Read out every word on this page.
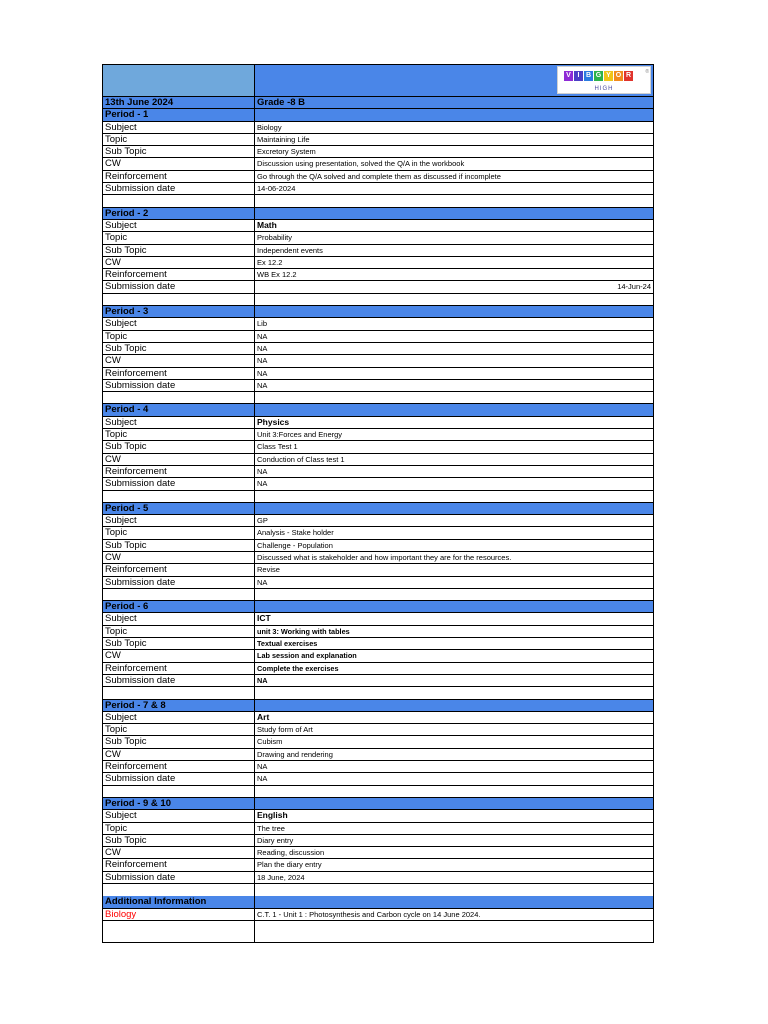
V I B G Y O R
HIGH
®
13th June 2024	Grade -8 B
Period - 1
Subject	Biology
Topic	Maintaining Life
Sub Topic	Excretory System
CW	Discussion using presentation, solved the Q/A in the workbook
Reinforcement	Go through the Q/A solved and complete them as discussed if incomplete
Submission date	14-06-2024
Period - 2
Subject	Math
Topic	Probability
Sub Topic	Independent events
CW	Ex 12.2
Reinforcement	WB Ex 12.2
Submission date	14-Jun-24
Period - 3
Subject	Lib
Topic	NA
Sub Topic	NA
CW	NA
Reinforcement	NA
Submission date	NA
Period - 4
Subject	Physics
Topic	Unit 3:Forces and Energy
Sub Topic	Class Test 1
CW	Conduction of Class test 1
Reinforcement	NA
Submission date	NA
Period - 5
Subject	GP
Topic	Analysis - Stake holder
Sub Topic	Challenge - Population
CW	Discussed what is stakeholder and how important they are for the resources.
Reinforcement	Revise
Submission date	NA
Period - 6
Subject	ICT
Topic	unit 3: Working with tables
Sub Topic	Textual exercises
CW	Lab session and explanation
Reinforcement	Complete the exercises
Submission date	NA
Period - 7 & 8
Subject	Art
Topic	Study form of Art
Sub Topic	Cubism
CW	Drawing and rendering
Reinforcement	NA
Submission date	NA
Period - 9 & 10
Subject	English
Topic	The tree
Sub Topic	Diary entry
CW	Reading, discussion
Reinforcement	Plan the diary entry
Submission date	18 June, 2024
Additional Information
Biology	C.T. 1 - Unit 1 : Photosynthesis and Carbon cycle on 14 June 2024.
